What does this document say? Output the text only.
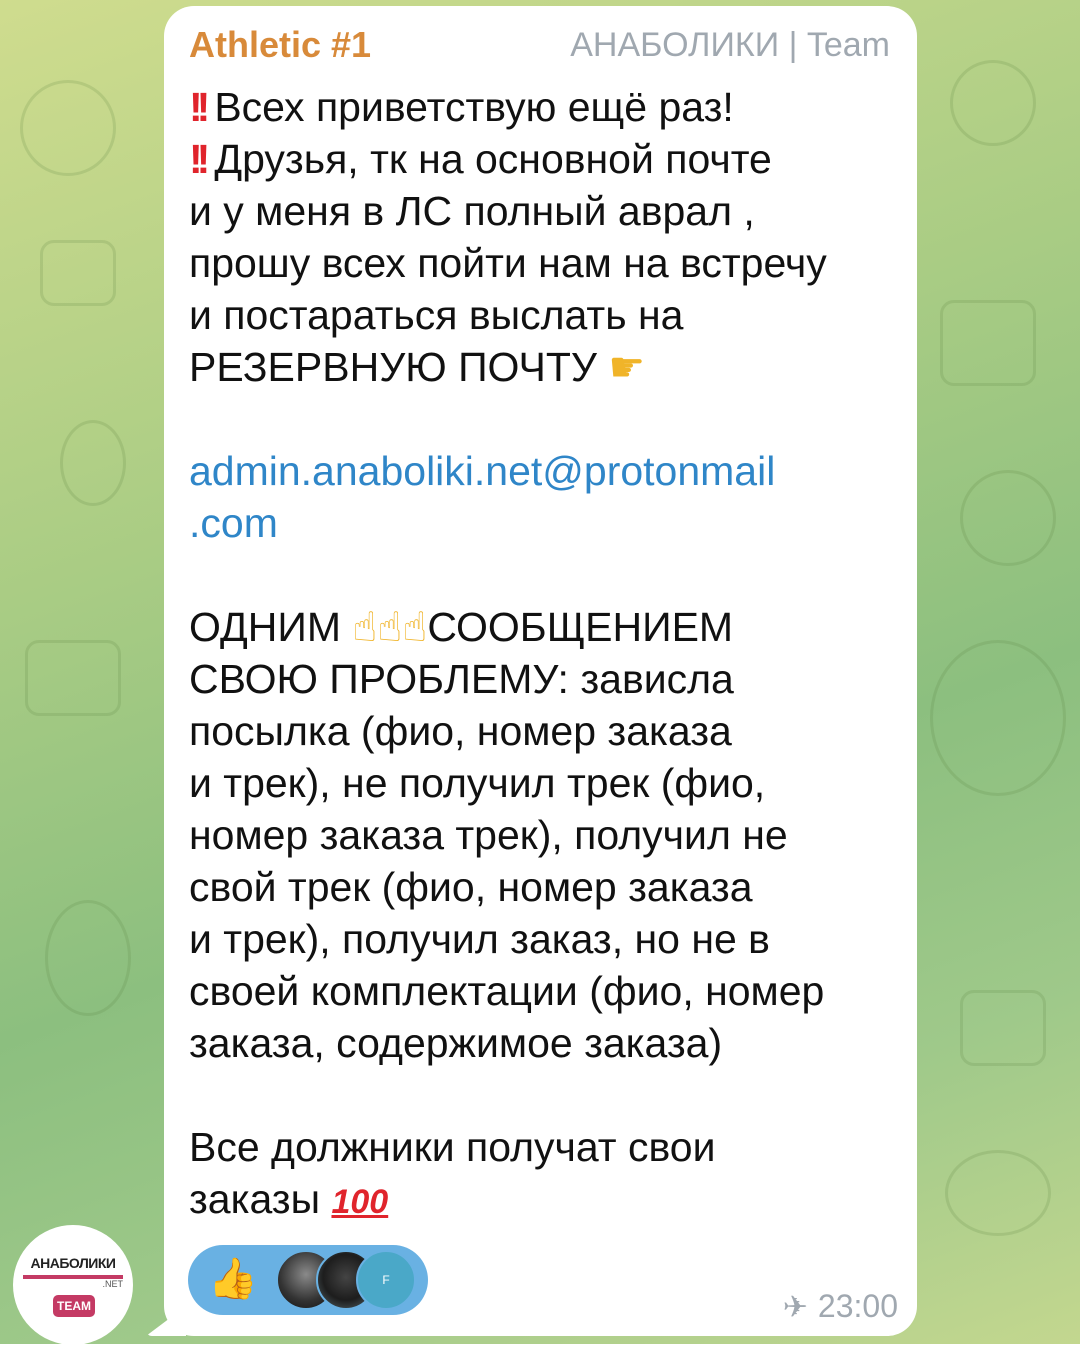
Athletic #1	АНАБОЛИКИ | Team

!! Всех приветствую ещё раз!

!! Друзья, тк на основной почте

и у меня в ЛС полный аврал ,

прошу всех пойти нам на встречу

и постараться выслать на

РЕЗЕРВНУЮ ПОЧТУ ☛

admin.anaboliki.net@protonmail

.com

ОДНИМ ☝☝☝СООБЩЕНИЕМ

СВОЮ ПРОБЛЕМУ: зависла

посылка (фио, номер заказа

и трек), не получил трек (фио,

номер заказа трек), получил не

свой трек (фио, номер заказа

и трек), получил заказ, но не в

своей комплектации (фио, номер

заказа, содержимое заказа)

Все должники получат свои

заказы 100

👍	F
✈ 23:00
АНАБОЛИКИ
.NET
TEAM
